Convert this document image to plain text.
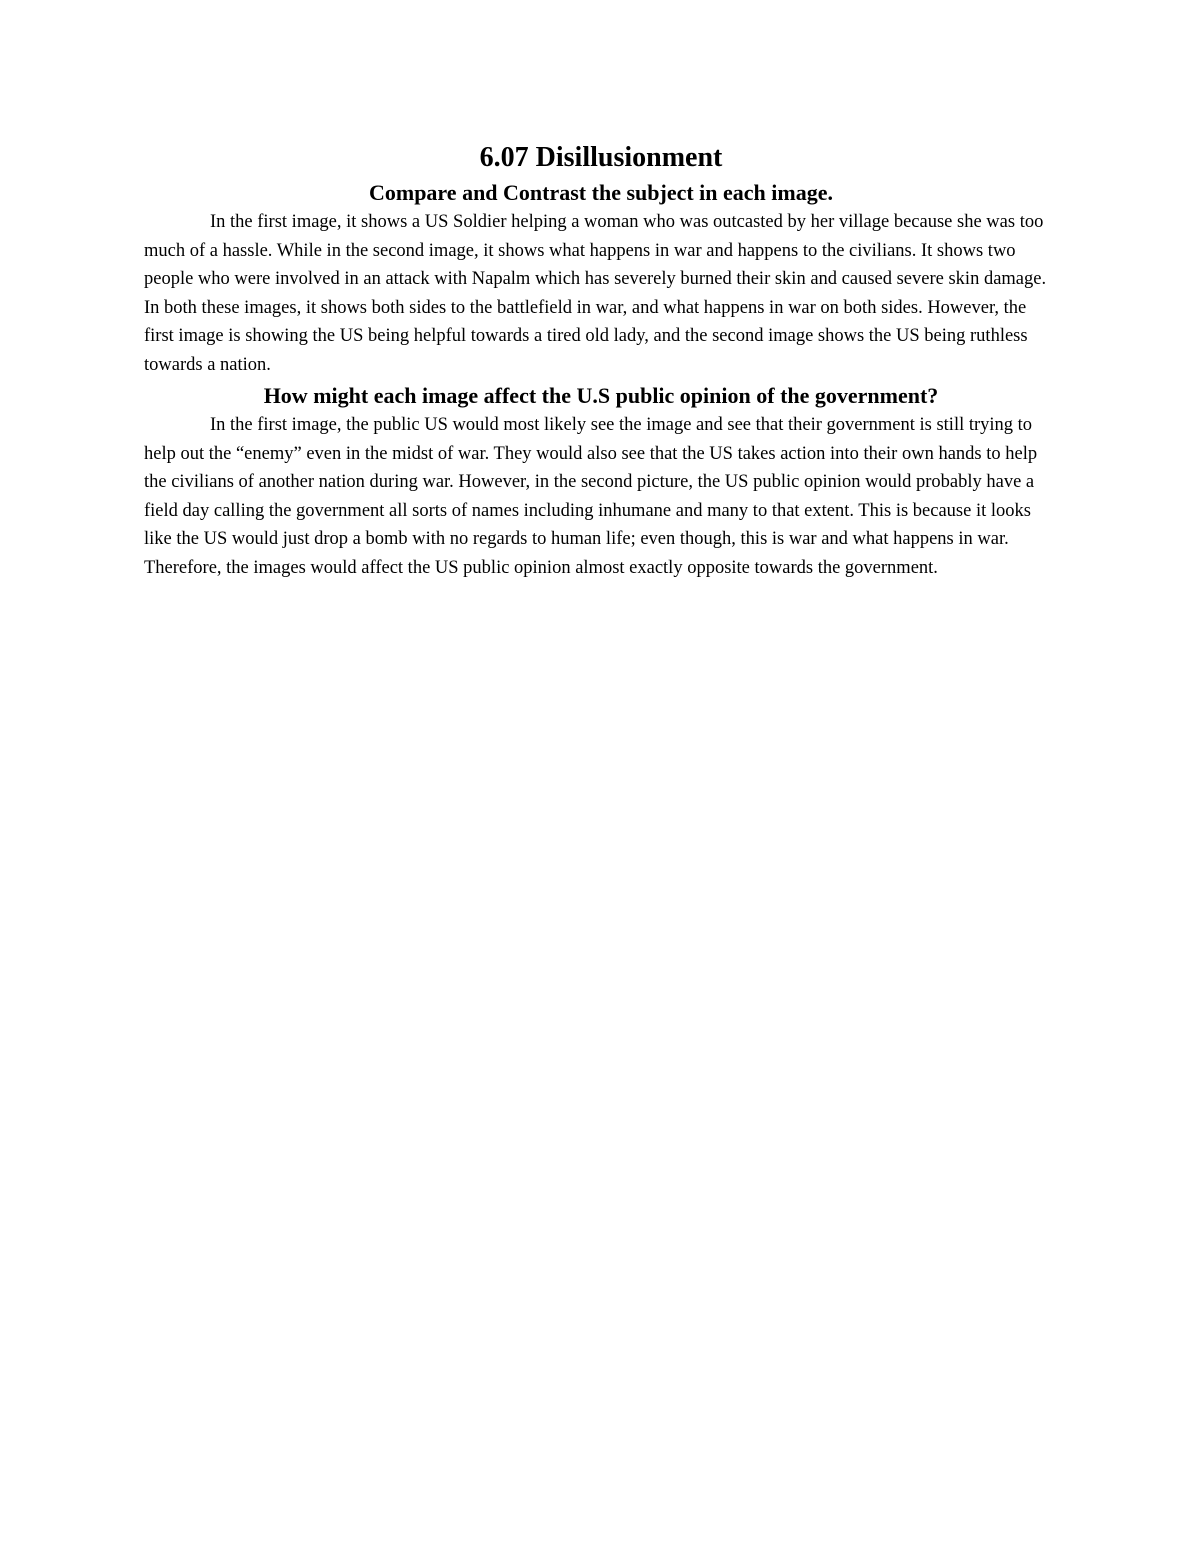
6.07 Disillusionment
Compare and Contrast the subject in each image.

In the first image, it shows a US Soldier helping a woman who was outcasted by her village because she was too much of a hassle. While in the second image, it shows what happens in war and happens to the civilians. It shows two people who were involved in an attack with Napalm which has severely burned their skin and caused severe skin damage. In both these images, it shows both sides to the battlefield in war, and what happens in war on both sides. However, the first image is showing the US being helpful towards a tired old lady, and the second image shows the US being ruthless towards a nation.

How might each image affect the U.S public opinion of the government?

In the first image, the public US would most likely see the image and see that their government is still trying to help out the “enemy” even in the midst of war. They would also see that the US takes action into their own hands to help the civilians of another nation during war. However, in the second picture, the US public opinion would probably have a field day calling the government all sorts of names including inhumane and many to that extent. This is because it looks like the US would just drop a bomb with no regards to human life; even though, this is war and what happens in war. Therefore, the images would affect the US public opinion almost exactly opposite towards the government.
